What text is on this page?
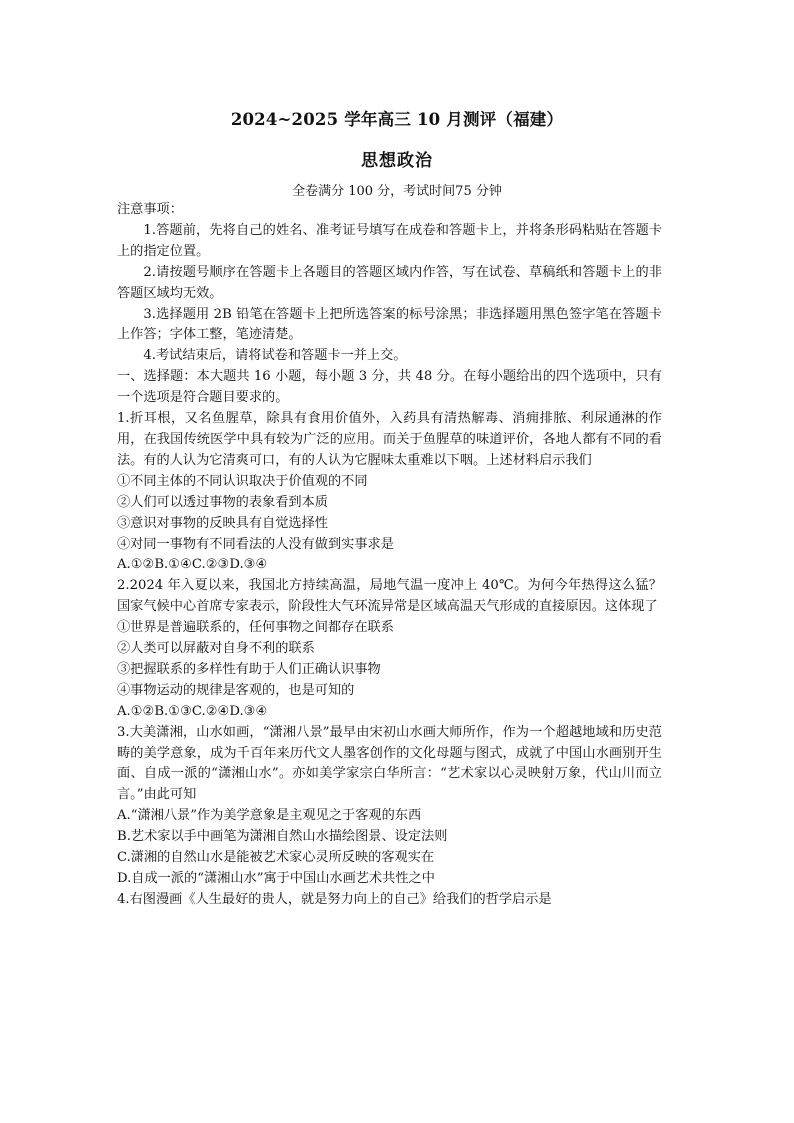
2024~2025 学年高三 10 月测评（福建）
思想政治
全卷满分 100 分，考试时间75 分钟

注意事项：

1.答题前，先将自己的姓名、准考证号填写在成卷和答题卡上，并将条形码粘贴在答题卡上的指定位置。

2.请按题号顺序在答题卡上各题目的答题区域内作答，写在试卷、草稿纸和答题卡上的非答题区域均无效。

3.选择题用 2B 铅笔在答题卡上把所选答案的标号涂黑；非选择题用黑色签字笔在答题卡上作答；字体工整，笔迹清楚。

4.考试结束后，请将试卷和答题卡一并上交。

一、选择题：本大题共 16 小题，每小题 3 分，共 48 分。在每小题给出的四个选项中，只有一个选项是符合题目要求的。

1.折耳根，又名鱼腥草，除具有食用价值外，入药具有清热解毒、消痈排脓、利尿通淋的作用，在我国传统医学中具有较为广泛的应用。而关于鱼腥草的味道评价，各地人都有不同的看法。有的人认为它清爽可口，有的人认为它腥味太重难以下咽。上述材料启示我们

①不同主体的不同认识取决于价值观的不同

②人们可以透过事物的表象看到本质

③意识对事物的反映具有自觉选择性

④对同一事物有不同看法的人没有做到实事求是

A.①②B.①④C.②③D.③④

2.2024 年入夏以来，我国北方持续高温，局地气温一度冲上 40℃。为何今年热得这么猛？国家气候中心首席专家表示，阶段性大气环流异常是区域高温天气形成的直接原因。这体现了

①世界是普遍联系的，任何事物之间都存在联系

②人类可以屏蔽对自身不利的联系

③把握联系的多样性有助于人们正确认识事物

④事物运动的规律是客观的，也是可知的

A.①②B.①③C.②④D.③④

3.大美潇湘，山水如画，“潇湘八景”最早由宋初山水画大师所作，作为一个超越地域和历史范畴的美学意象，成为千百年来历代文人墨客创作的文化母题与图式，成就了中国山水画别开生面、自成一派的“潇湘山水”。亦如美学家宗白华所言：“艺术家以心灵映射万象，代山川而立言。”由此可知

A.“潇湘八景”作为美学意象是主观见之于客观的东西

B.艺术家以手中画笔为潇湘自然山水描绘图景、设定法则

C.潇湘的自然山水是能被艺术家心灵所反映的客观实在

D.自成一派的“潇湘山水”寓于中国山水画艺术共性之中

4.右图漫画《人生最好的贵人，就是努力向上的自己》给我们的哲学启示是
